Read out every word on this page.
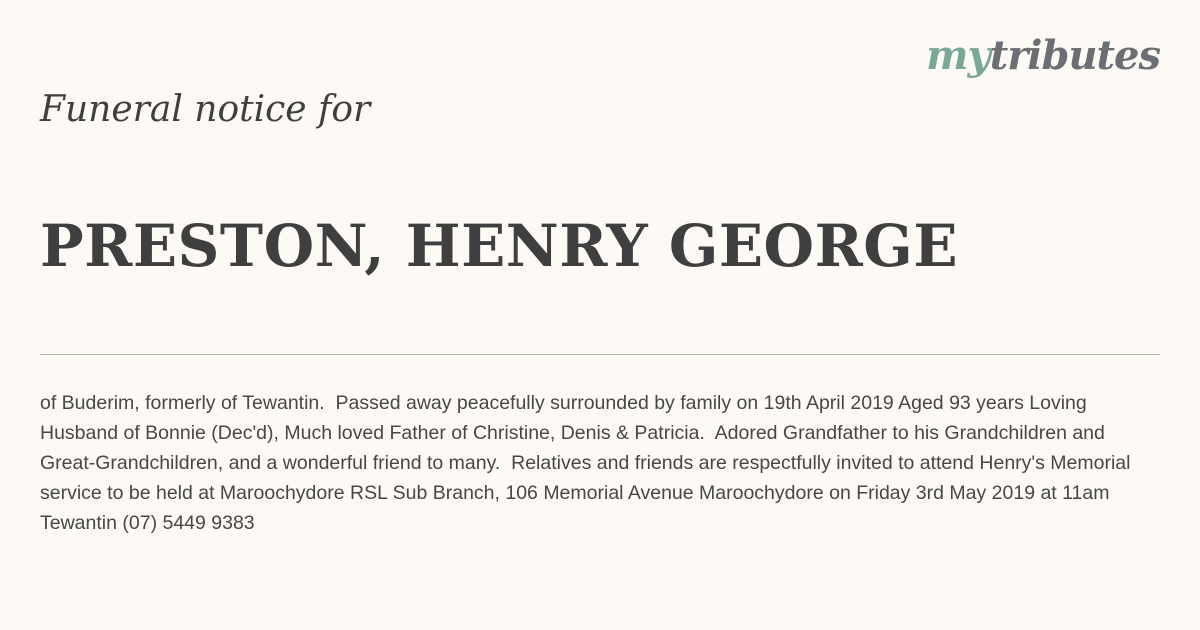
mytributes
Funeral notice for
PRESTON, HENRY GEORGE
of Buderim, formerly of Tewantin.  Passed away peacefully surrounded by family on 19th April 2019 Aged 93 years Loving Husband of Bonnie (Dec'd), Much loved Father of Christine, Denis & Patricia.  Adored Grandfather to his Grandchildren and Great-Grandchildren, and a wonderful friend to many.  Relatives and friends are respectfully invited to attend Henry's Memorial service to be held at Maroochydore RSL Sub Branch, 106 Memorial Avenue Maroochydore on Friday 3rd May 2019 at 11am Tewantin (07) 5449 9383
